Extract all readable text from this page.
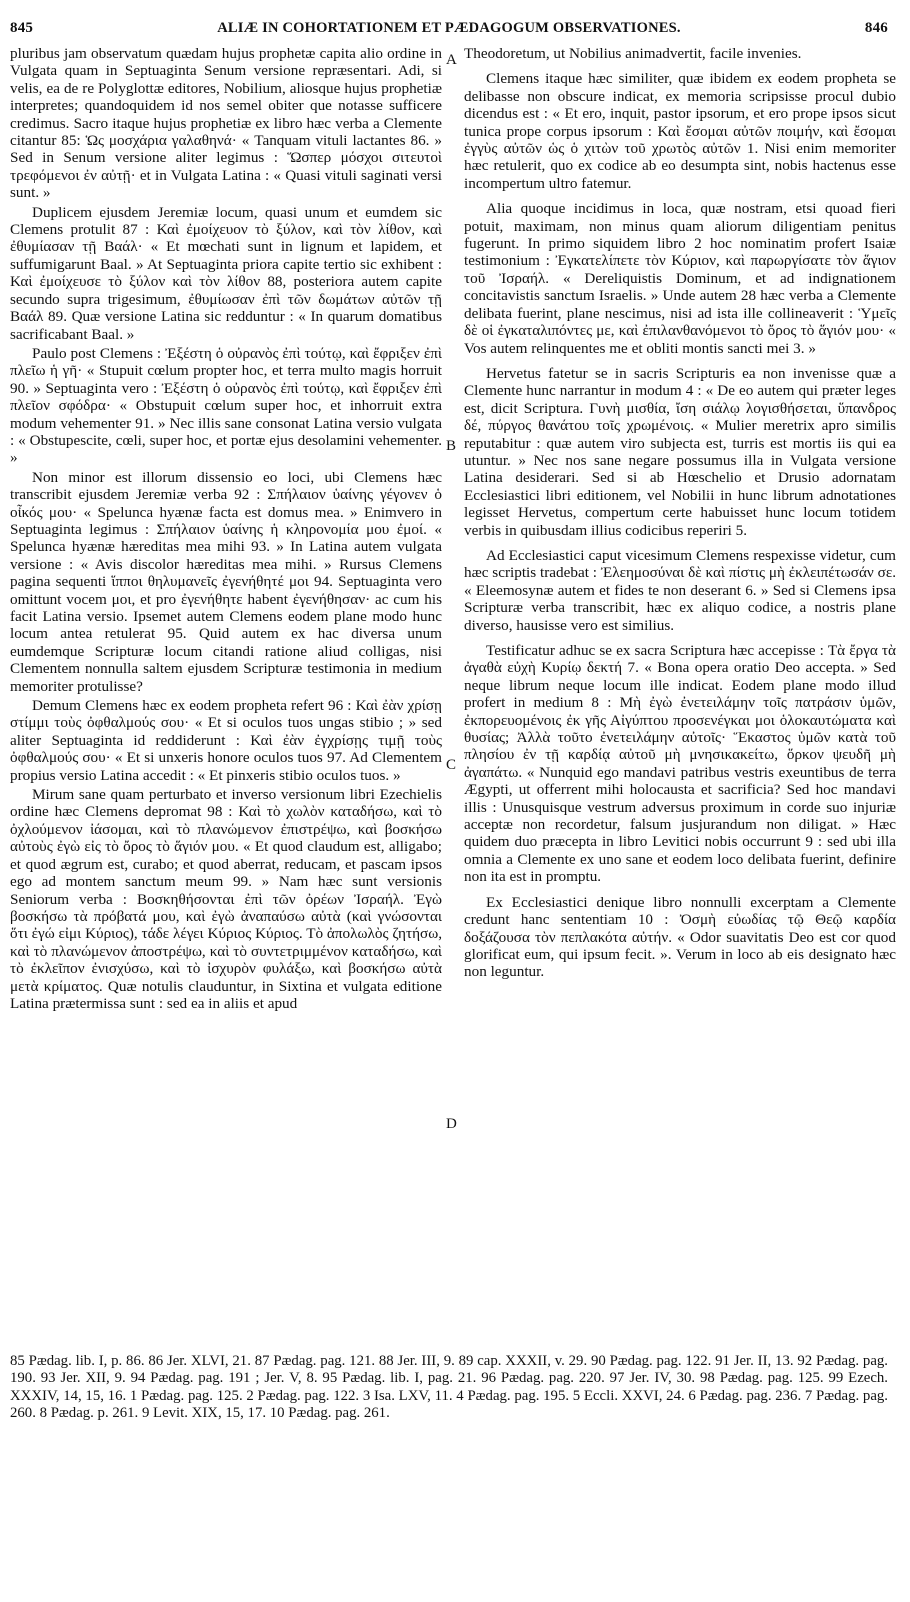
845	ALIÆ IN COHORTATIONEM ET PÆDAGOGUM OBSERVATIONES.	846
A
B
C
D

pluribus jam observatum quædam hujus prophetæ capita alio ordine in Vulgata quam in Septuaginta Senum versione repræsentari. Adi, si velis, ea de re Polyglottæ editores, Nobilium, aliosque hujus prophetiæ interpretes; quandoquidem id nos semel obiter que notasse sufficere credimus. Sacro itaque hujus prophetiæ ex libro hæc verba a Clemente citantur 85: Ὡς μοσχάρια γαλαθηνά· « Tanquam vituli lactantes 86. » Sed in Senum versione aliter legimus : Ὥσπερ μόσχοι σιτευτοὶ τρεφόμενοι ἐν αὐτῇ· et in Vulgata Latina : « Quasi vituli saginati versi sunt. »

Duplicem ejusdem Jeremiæ locum, quasi unum et eumdem sic Clemens protulit 87 : Καὶ ἐμοίχευον τὸ ξύλον, καὶ τὸν λίθον, καὶ ἐθυμίασαν τῇ Βαάλ· « Et mœchati sunt in lignum et lapidem, et suffumigarunt Baal. » At Septuaginta priora capite tertio sic exhibent : Καὶ ἐμοίχευσε τὸ ξύλον καὶ τὸν λίθον 88, posteriora autem capite secundo supra trigesimum, ἐθυμίωσαν ἐπὶ τῶν δωμάτων αὐτῶν τῇ Βαάλ 89. Quæ versione Latina sic redduntur : « In quarum domatibus sacrificabant Baal. »

Paulo post Clemens : Ἐξέστη ὁ οὐρανὸς ἐπὶ τούτῳ, καὶ ἔφριξεν ἐπὶ πλεῖω ἡ γῆ· « Stupuit cœlum propter hoc, et terra multo magis horruit 90. » Septuaginta vero : Ἐξέστη ὁ οὐρανὸς ἐπὶ τούτῳ, καὶ ἔφριξεν ἐπὶ πλεῖον σφόδρα· « Obstupuit cœlum super hoc, et inhorruit extra modum vehementer 91. » Nec illis sane consonat Latina versio vulgata : « Obstupescite, cœli, super hoc, et portæ ejus desolamini vehementer. »

Non minor est illorum dissensio eo loci, ubi Clemens hæc transcribit ejusdem Jeremiæ verba 92 : Σπήλαιον ὑαίνης γέγονεν ὁ οἶκός μου· « Spelunca hyænæ facta est domus mea. » Enimvero in Septuaginta legimus : Σπήλαιον ὑαίνης ἡ κληρονομία μου ἐμοί. « Spelunca hyænæ hæreditas mea mihi 93. » In Latina autem vulgata versione : « Avis discolor hæreditas mea mihi. » Rursus Clemens pagina sequenti ἵπποι θηλυμανεῖς ἐγενήθητέ μοι 94. Septuaginta vero omittunt vocem μοι, et pro ἐγενήθητε habent ἐγενήθησαν· ac cum his facit Latina versio. Ipsemet autem Clemens eodem plane modo hunc locum antea retulerat 95. Quid autem ex hac diversa unum eumdemque Scripturæ locum citandi ratione aliud colligas, nisi Clementem nonnulla saltem ejusdem Scripturæ testimonia in medium memoriter protulisse?

Demum Clemens hæc ex eodem propheta refert 96 : Καὶ ἐὰν χρίσῃ στίμμι τοὺς ὀφθαλμούς σου· « Et si oculos tuos ungas stibio ; » sed aliter Septuaginta id reddiderunt : Καὶ ἐὰν ἐγχρίσῃς τιμῇ τοὺς ὀφθαλμούς σου· « Et si unxeris honore oculos tuos 97. Ad Clementem propius versio Latina accedit : « Et pinxeris stibio oculos tuos. »

Mirum sane quam perturbato et inverso versionum libri Ezechielis ordine hæc Clemens depromat 98 : Καὶ τὸ χωλὸν καταδήσω, καὶ τὸ ὀχλούμενον ἰάσομαι, καὶ τὸ πλανώμενον ἐπιστρέψω, καὶ βοσκήσω αὐτοὺς ἐγὼ εἰς τὸ ὄρος τὸ ἅγιόν μου. « Et quod claudum est, alligabo; et quod ægrum est, curabo; et quod aberrat, reducam, et pascam ipsos ego ad montem sanctum meum 99. » Nam hæc sunt versionis Seniorum verba : Βοσκηθήσονται ἐπὶ τῶν ὀρέων Ἰσραήλ. Ἐγὼ βοσκήσω τὰ πρόβατά μου, καὶ ἐγὼ ἀναπαύσω αὐτὰ (καὶ γνώσονται ὅτι ἐγώ εἰμι Κύριος), τάδε λέγει Κύριος Κύριος. Τὸ ἀπολωλὸς ζητήσω, καὶ τὸ πλανώμενον ἀποστρέψω, καὶ τὸ συντετριμμένον καταδήσω, καὶ τὸ ἐκλεῖπον ἐνισχύσω, καὶ τὸ ἰσχυρὸν φυλάξω, καὶ βοσκήσω αὐτὰ μετὰ κρίματος. Quæ notulis clauduntur, in Sixtina et vulgata editione Latina prætermissa sunt : sed ea in aliis et apud

Theodoretum, ut Nobilius animadvertit, facile invenies.

Clemens itaque hæc similiter, quæ ibidem ex eodem propheta se delibasse non obscure indicat, ex memoria scripsisse procul dubio dicendus est : « Et ero, inquit, pastor ipsorum, et ero prope ipsos sicut tunica prope corpus ipsorum : Καὶ ἔσομαι αὐτῶν ποιμήν, καὶ ἔσομαι ἐγγὺς αὐτῶν ὡς ὁ χιτὼν τοῦ χρωτὸς αὐτῶν 1. Nisi enim memoriter hæc retulerit, quo ex codice ab eo desumpta sint, nobis hactenus esse incompertum ultro fatemur.

Alia quoque incidimus in loca, quæ nostram, etsi quoad fieri potuit, maximam, non minus quam aliorum diligentiam penitus fugerunt. In primo siquidem libro 2 hoc nominatim profert Isaiæ testimonium : Ἐγκατελίπετε τὸν Κύριον, καὶ παρωργίσατε τὸν ἅγιον τοῦ Ἰσραήλ. « Dereliquistis Dominum, et ad indignationem concitavistis sanctum Israelis. » Unde autem 28 hæc verba a Clemente delibata fuerint, plane nescimus, nisi ad ista ille collineaverit : Ὑμεῖς δὲ οἱ ἐγκαταλιπόντες με, καὶ ἐπιλανθανόμενοι τὸ ὄρος τὸ ἅγιόν μου· « Vos autem relinquentes me et obliti montis sancti mei 3. »

Hervetus fatetur se in sacris Scripturis ea non invenisse quæ a Clemente hunc narrantur in modum 4 : « De eo autem qui præter leges est, dicit Scriptura. Γυνὴ μισθία, ἴση σιάλῳ λογισθήσεται, ὕπανδρος δέ, πύργος θανάτου τοῖς χρωμένοις. « Mulier meretrix apro similis reputabitur : quæ autem viro subjecta est, turris est mortis iis qui ea utuntur. » Nec nos sane negare possumus illa in Vulgata versione Latina desiderari. Sed si ab Hœschelio et Drusio adornatam Ecclesiastici libri editionem, vel Nobilii in hunc librum adnotationes legisset Hervetus, compertum certe habuisset hunc locum totidem verbis in quibusdam illius codicibus reperiri 5.

Ad Ecclesiastici caput vicesimum Clemens respexisse videtur, cum hæc scriptis tradebat : Ἐλεημοσύναι δὲ καὶ πίστις μὴ ἐκλειπέτωσάν σε. « Eleemosynæ autem et fides te non deserant 6. » Sed si Clemens ipsa Scripturæ verba transcribit, hæc ex aliquo codice, a nostris plane diverso, hausisse vero est similius.

Testificatur adhuc se ex sacra Scriptura hæc accepisse : Τὰ ἔργα τὰ ἀγαθὰ εὐχὴ Κυρίῳ δεκτή 7. « Bona opera oratio Deo accepta. » Sed neque librum neque locum ille indicat. Eodem plane modo illud profert in medium 8 : Μὴ ἐγὼ ἐνετειλάμην τοῖς πατράσιν ὑμῶν, ἐκπορευομένοις ἐκ γῆς Αἰγύπτου προσενέγκαι μοι ὁλοκαυτώματα καὶ θυσίας; Ἀλλὰ τοῦτο ἐνετειλάμην αὐτοῖς· Ἕκαστος ὑμῶν κατὰ τοῦ πλησίου ἐν τῇ καρδίᾳ αὐτοῦ μὴ μνησικακείτω, ὅρκον ψευδῆ μὴ ἀγαπάτω. « Nunquid ego mandavi patribus vestris exeuntibus de terra Ægypti, ut offerrent mihi holocausta et sacrificia? Sed hoc mandavi illis : Unusquisque vestrum adversus proximum in corde suo injuriæ acceptæ non recordetur, falsum jusjurandum non diligat. » Hæc quidem duo præcepta in libro Levitici nobis occurrunt 9 : sed ubi illa omnia a Clemente ex uno sane et eodem loco delibata fuerint, definire non ita est in promptu.

Ex Ecclesiastici denique libro nonnulli excerptam a Clemente credunt hanc sententiam 10 : Ὀσμὴ εὐωδίας τῷ Θεῷ καρδία δοξάζουσα τὸν πεπλακότα αὐτήν. « Odor suavitatis Deo est cor quod glorificat eum, qui ipsum fecit. ». Verum in loco ab eis designato hæc non leguntur.

85 Pædag. lib. I, p. 86. 86 Jer. XLVI, 21. 87 Pædag. pag. 121. 88 Jer. III, 9. 89 cap. XXXII, v. 29. 90 Pædag. pag. 122. 91 Jer. II, 13. 92 Pædag. pag. 190. 93 Jer. XII, 9. 94 Pædag. pag. 191 ; Jer. V, 8. 95 Pædag. lib. I, pag. 21. 96 Pædag. pag. 220. 97 Jer. IV, 30. 98 Pædag. pag. 125. 99 Ezech. XXXIV, 14, 15, 16. 1 Pædag. pag. 125. 2 Pædag. pag. 122. 3 Isa. LXV, 11. 4 Pædag. pag. 195. 5 Eccli. XXVI, 24. 6 Pædag. pag. 236. 7 Pædag. pag. 260. 8 Pædag. p. 261. 9 Levit. XIX, 15, 17. 10 Pædag. pag. 261.
